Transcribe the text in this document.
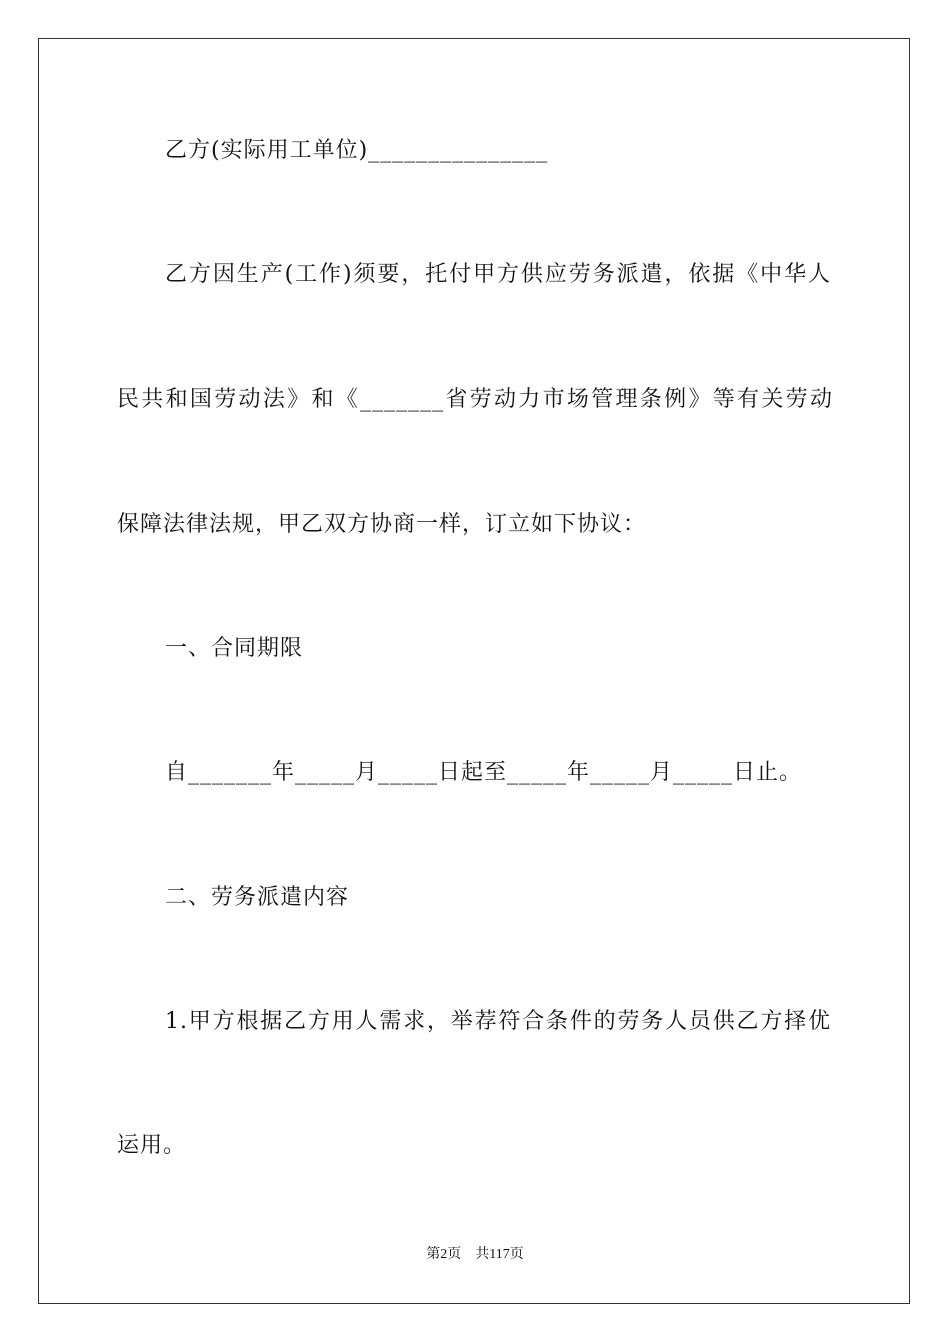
乙方(实际用工单位)_______________
乙方因生产(工作)须要，托付甲方供应劳务派遣，依据《中华人
民共和国劳动法》和《_______省劳动力市场管理条例》等有关劳动
保障法律法规，甲乙双方协商一样，订立如下协议：
一、合同期限
自_______年_____月_____日起至_____年_____月_____日止。
二、劳务派遣内容
1.甲方根据乙方用人需求，举荐符合条件的劳务人员供乙方择优
运用。
第2页 共117页
